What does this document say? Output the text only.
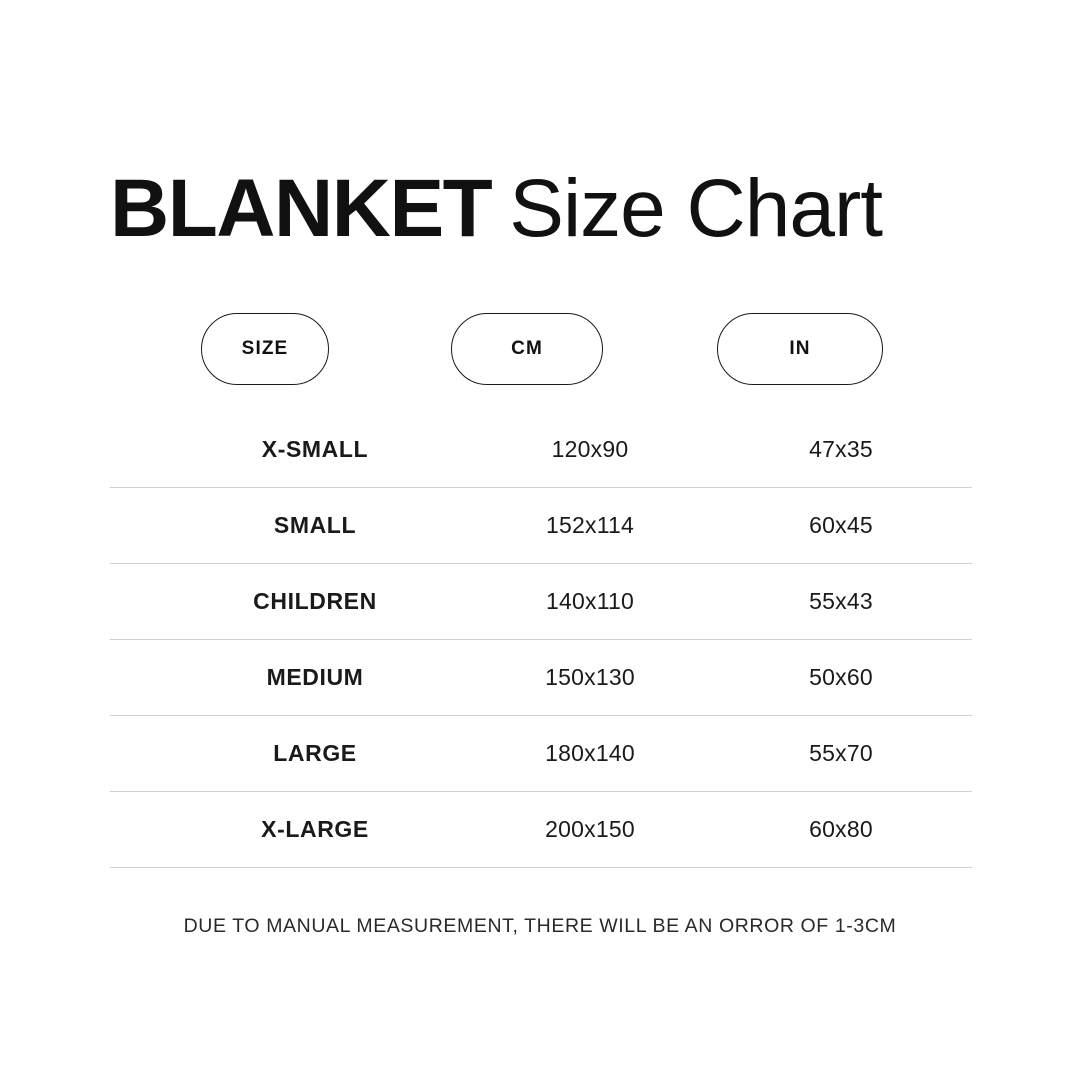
BLANKET Size Chart
SIZE	CM	IN
X-SMALL	120x90	47x35
SMALL	152x114	60x45
CHILDREN	140x110	55x43
MEDIUM	150x130	50x60
LARGE	180x140	55x70
X-LARGE	200x150	60x80
DUE TO MANUAL MEASUREMENT, THERE WILL BE AN ORROR OF 1-3CM
